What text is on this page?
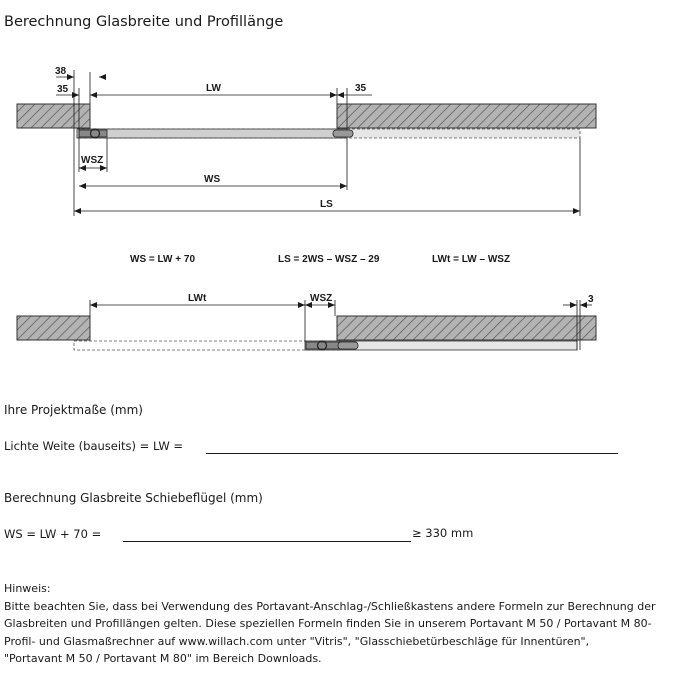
Berechnung Glasbreite und Profillänge
38
35	LW	35
WSZ
WS
LS
WS = LW + 70	LS = 2WS – WSZ – 29	LWt = LW – WSZ
LWt	WSZ	3
Ihre Projektmaße (mm)
Lichte Weite (bauseits) = LW =
Berechnung Glasbreite Schiebeflügel (mm)
WS = LW + 70 =	≥ 330 mm
Hinweis:
Bitte beachten Sie, dass bei Verwendung des Portavant-Anschlag-/Schließkastens andere Formeln zur Berechnung der
Glasbreiten und Profillängen gelten. Diese speziellen Formeln finden Sie in unserem Portavant M 50 / Portavant M 80-
Profil- und Glasmaßrechner auf www.willach.com unter "Vitris", "Glasschiebetürbeschläge für Innentüren",
"Portavant M 50 / Portavant M 80" im Bereich Downloads.
